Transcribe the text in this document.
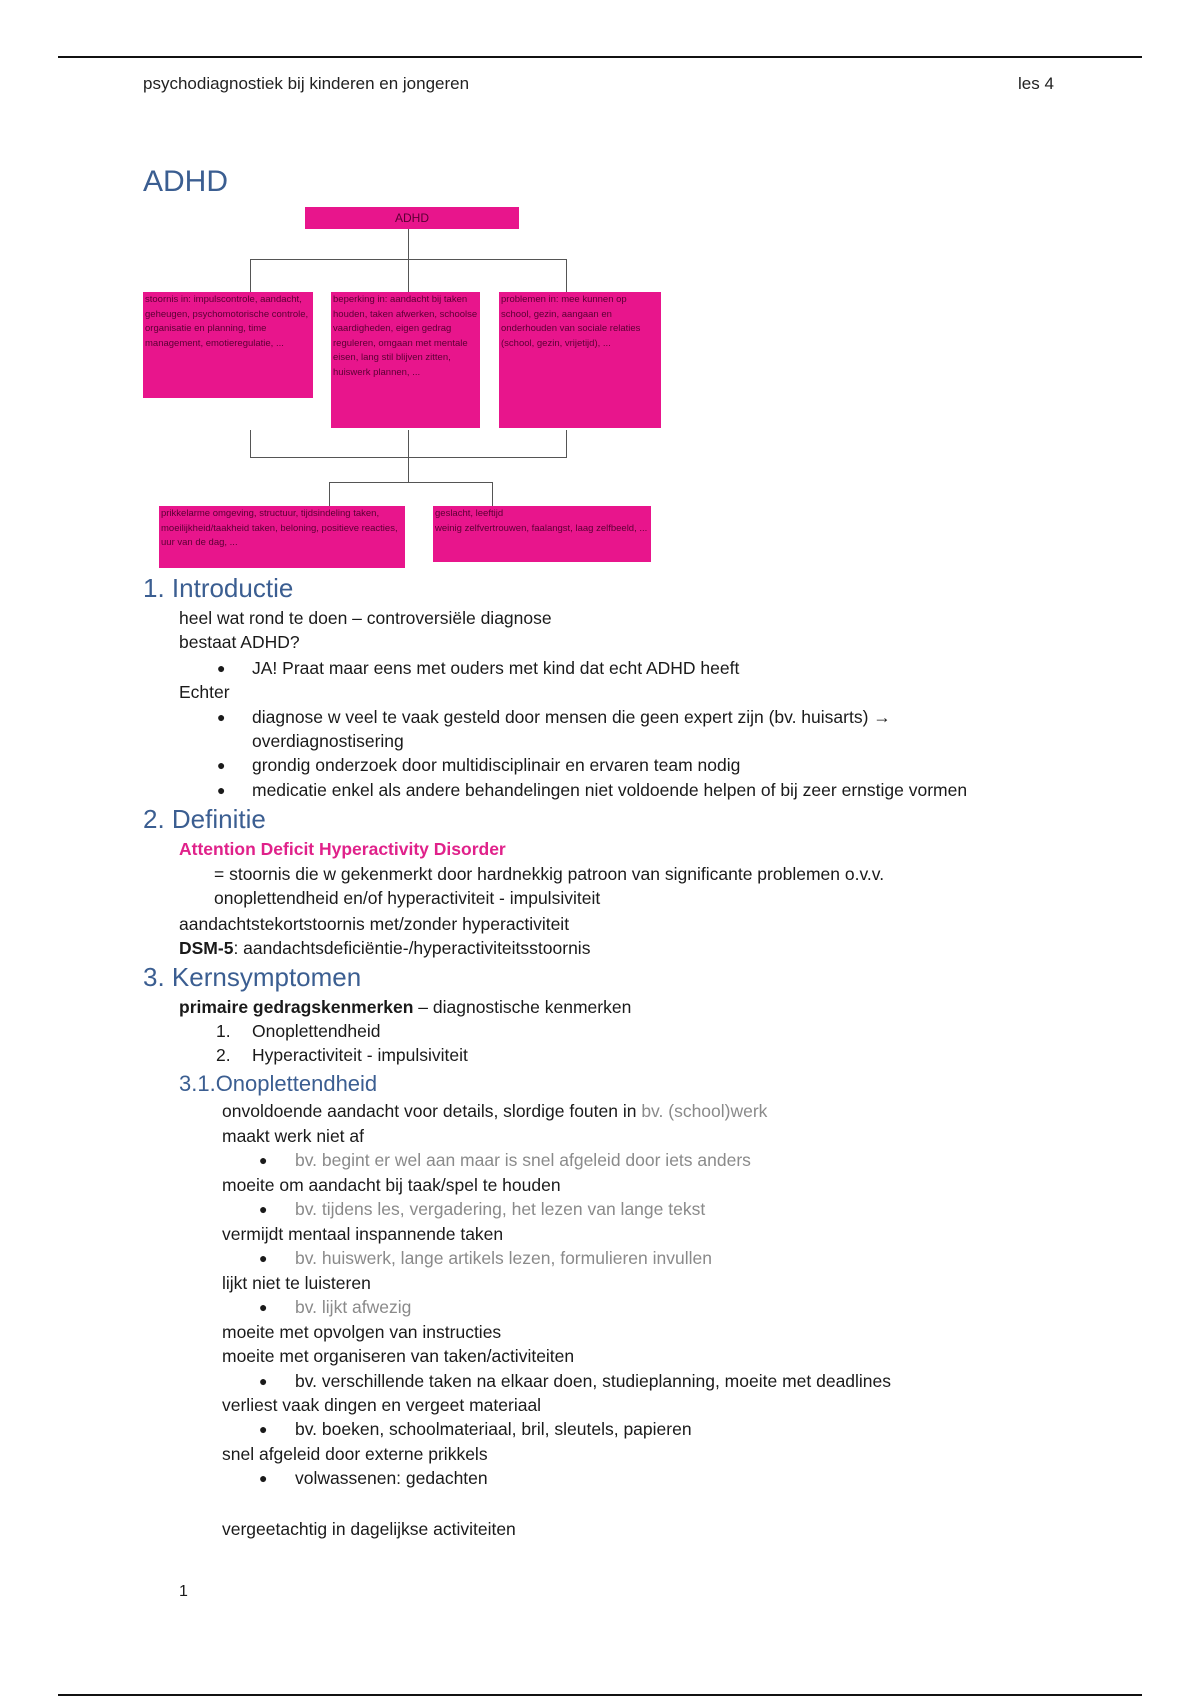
psychodiagnostiek bij kinderen en jongeren	les 4
ADHD
ADHD
stoornis in: impulscontrole, aandacht, geheugen, psychomotorische controle, organisatie en planning, time management, emotieregulatie, ...
beperking in: aandacht bij taken houden, taken afwerken, schoolse vaardigheden, eigen gedrag reguleren, omgaan met mentale eisen, lang stil blijven zitten, huiswerk plannen, ...
problemen in: mee kunnen op school, gezin, aangaan en onderhouden van sociale relaties (school, gezin, vrijetijd), ...
prikkelarme omgeving, structuur, tijdsindeling taken, moeilijkheid/taakheid taken, beloning, positieve reacties, uur van de dag, ...
geslacht, leeftijd
weinig zelfvertrouwen, faalangst, laag zelfbeeld, ...
1. Introductie
heel wat rond te doen – controversiële diagnose
bestaat ADHD?
● JA! Praat maar eens met ouders met kind dat echt ADHD heeft
Echter
● diagnose w veel te vaak gesteld door mensen die geen expert zijn (bv. huisarts) →
overdiagnostisering
● grondig onderzoek door multidisciplinair en ervaren team nodig
● medicatie enkel als andere behandelingen niet voldoende helpen of bij zeer ernstige vormen
2. Definitie
Attention Deficit Hyperactivity Disorder
= stoornis die w gekenmerkt door hardnekkig patroon van significante problemen o.v.v.
onoplettendheid en/of hyperactiviteit - impulsiviteit
aandachtstekortstoornis met/zonder hyperactiviteit
DSM-5: aandachtsdeficiëntie-/hyperactiviteitsstoornis
3. Kernsymptomen
primaire gedragskenmerken – diagnostische kenmerken
1. Onoplettendheid
2. Hyperactiviteit - impulsiviteit
3.1.Onoplettendheid
onvoldoende aandacht voor details, slordige fouten in bv. (school)werk
maakt werk niet af
● bv. begint er wel aan maar is snel afgeleid door iets anders
moeite om aandacht bij taak/spel te houden
● bv. tijdens les, vergadering, het lezen van lange tekst
vermijdt mentaal inspannende taken
● bv. huiswerk, lange artikels lezen, formulieren invullen
lijkt niet te luisteren
● bv. lijkt afwezig
moeite met opvolgen van instructies
moeite met organiseren van taken/activiteiten
● bv. verschillende taken na elkaar doen, studieplanning, moeite met deadlines
verliest vaak dingen en vergeet materiaal
● bv. boeken, schoolmateriaal, bril, sleutels, papieren
snel afgeleid door externe prikkels
● volwassenen: gedachten
vergeetachtig in dagelijkse activiteiten
1
